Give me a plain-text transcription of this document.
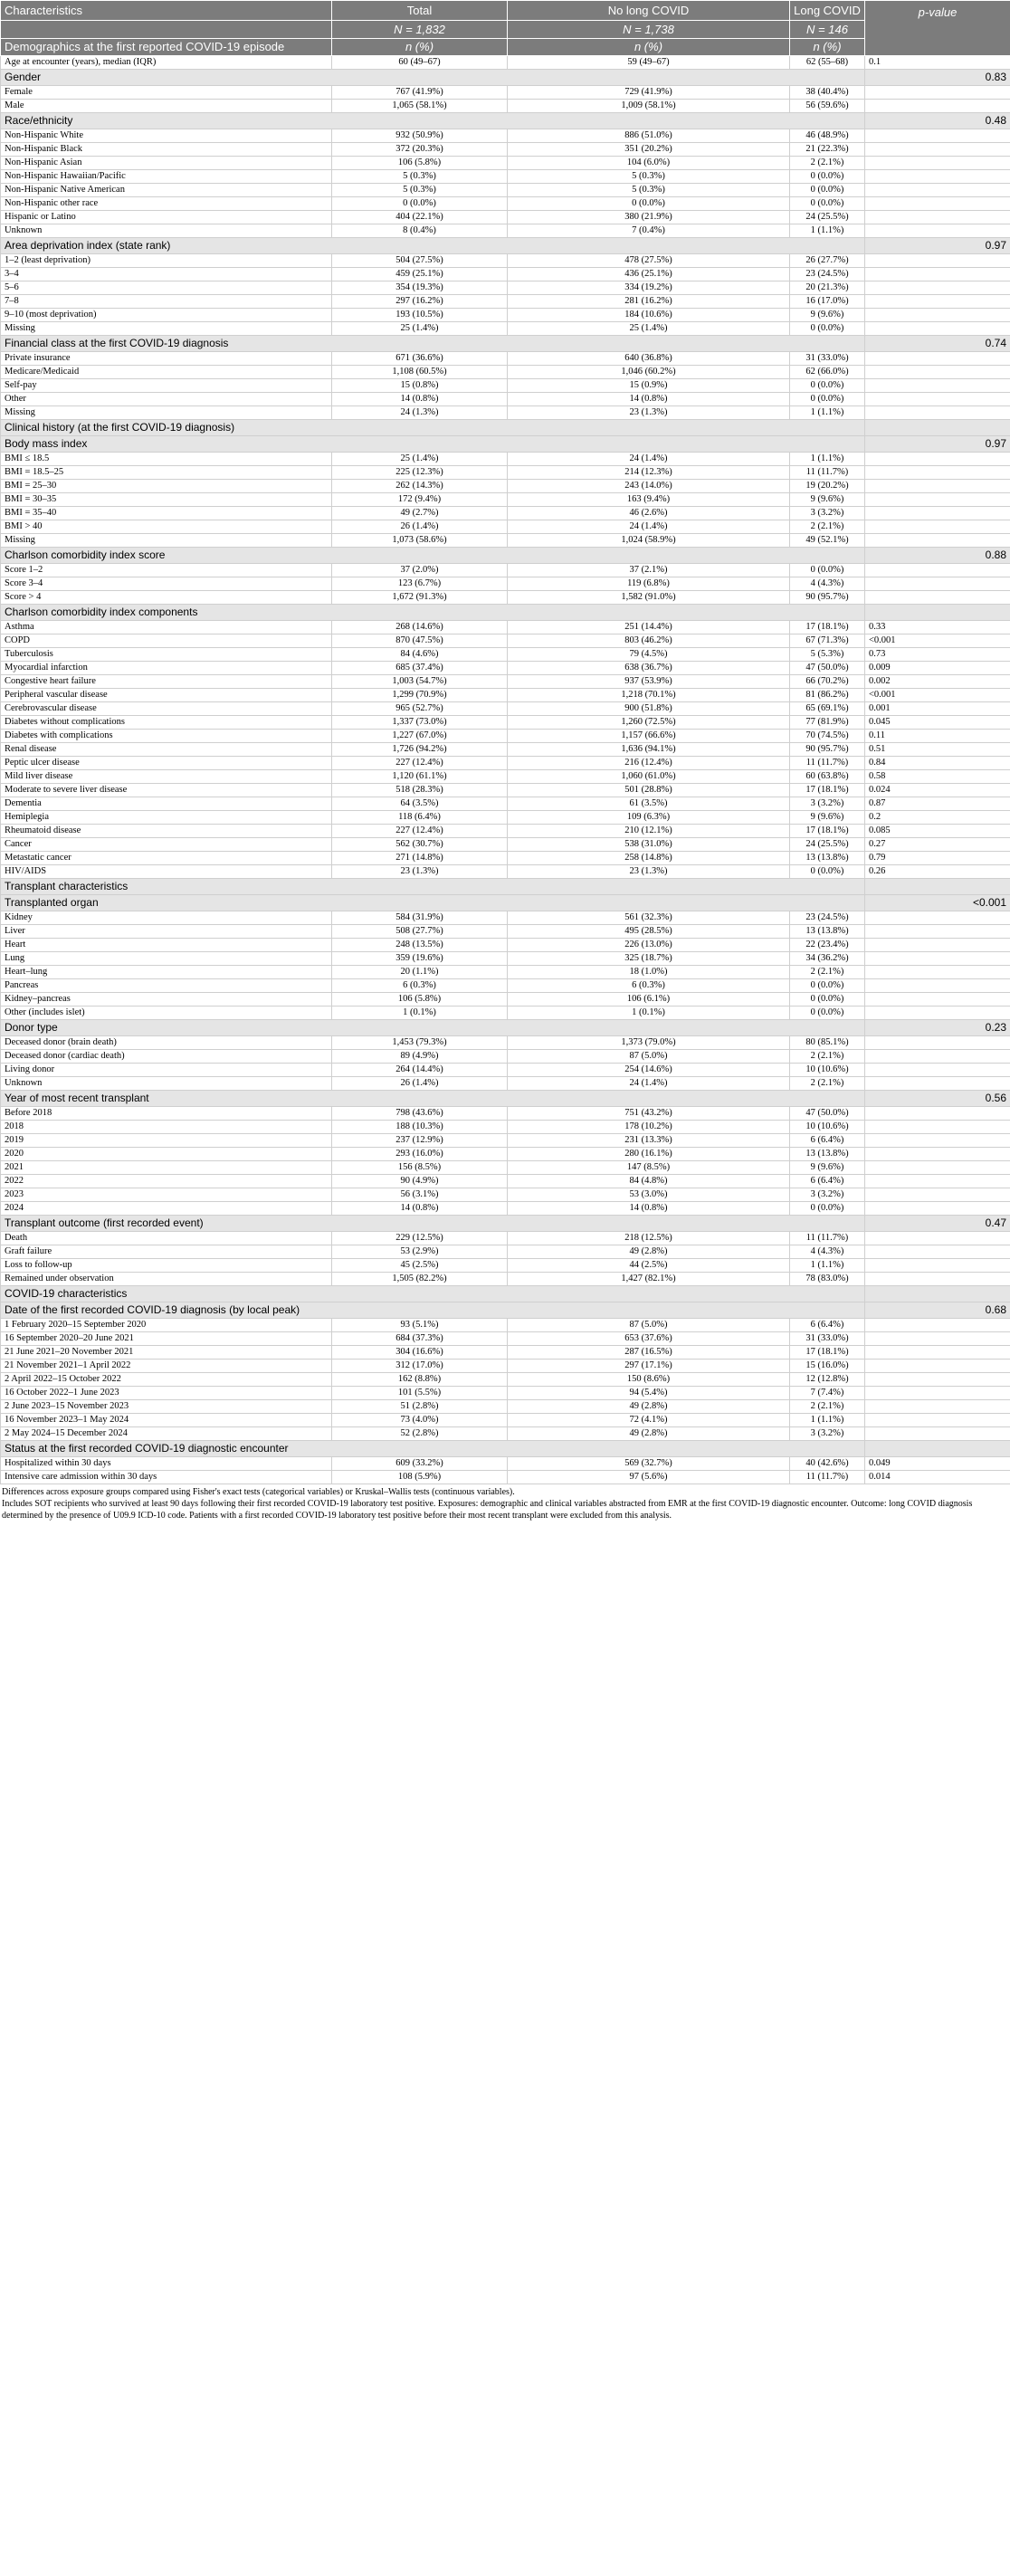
Characteristics	Total	No long COVID	Long COVID	p-value
	N = 1,832	N = 1,738	N = 146	
Demographics at the first reported COVID-19 episode	n (%)	n (%)	n (%)	
Age at encounter (years), median (IQR)	60 (49–67)	59 (49–67)	62 (55–68)	0.1
Gender				0.83
Female	767 (41.9%)	729 (41.9%)	38 (40.4%)	
Male	1,065 (58.1%)	1,009 (58.1%)	56 (59.6%)	
Race/ethnicity				0.48
Non-Hispanic White	932 (50.9%)	886 (51.0%)	46 (48.9%)	
Non-Hispanic Black	372 (20.3%)	351 (20.2%)	21 (22.3%)	
Non-Hispanic Asian	106 (5.8%)	104 (6.0%)	2 (2.1%)	
Non-Hispanic Hawaiian/Pacific	5 (0.3%)	5 (0.3%)	0 (0.0%)	
Non-Hispanic Native American	5 (0.3%)	5 (0.3%)	0 (0.0%)	
Non-Hispanic other race	0 (0.0%)	0 (0.0%)	0 (0.0%)	
Hispanic or Latino	404 (22.1%)	380 (21.9%)	24 (25.5%)	
Unknown	8 (0.4%)	7 (0.4%)	1 (1.1%)	
Area deprivation index (state rank)				0.97
1–2 (least deprivation)	504 (27.5%)	478 (27.5%)	26 (27.7%)	
3–4	459 (25.1%)	436 (25.1%)	23 (24.5%)	
5–6	354 (19.3%)	334 (19.2%)	20 (21.3%)	
7–8	297 (16.2%)	281 (16.2%)	16 (17.0%)	
9–10 (most deprivation)	193 (10.5%)	184 (10.6%)	9 (9.6%)	
Missing	25 (1.4%)	25 (1.4%)	0 (0.0%)	
Financial class at the first COVID-19 diagnosis				0.74
Private insurance	671 (36.6%)	640 (36.8%)	31 (33.0%)	
Medicare/Medicaid	1,108 (60.5%)	1,046 (60.2%)	62 (66.0%)	
Self-pay	15 (0.8%)	15 (0.9%)	0 (0.0%)	
Other	14 (0.8%)	14 (0.8%)	0 (0.0%)	
Missing	24 (1.3%)	23 (1.3%)	1 (1.1%)	
Clinical history (at the first COVID-19 diagnosis)				
Body mass index				0.97
BMI ≤ 18.5	25 (1.4%)	24 (1.4%)	1 (1.1%)	
BMI = 18.5–25	225 (12.3%)	214 (12.3%)	11 (11.7%)	
BMI = 25–30	262 (14.3%)	243 (14.0%)	19 (20.2%)	
BMI = 30–35	172 (9.4%)	163 (9.4%)	9 (9.6%)	
BMI = 35–40	49 (2.7%)	46 (2.6%)	3 (3.2%)	
BMI > 40	26 (1.4%)	24 (1.4%)	2 (2.1%)	
Missing	1,073 (58.6%)	1,024 (58.9%)	49 (52.1%)	
Charlson comorbidity index score				0.88
Score 1–2	37 (2.0%)	37 (2.1%)	0 (0.0%)	
Score 3–4	123 (6.7%)	119 (6.8%)	4 (4.3%)	
Score > 4	1,672 (91.3%)	1,582 (91.0%)	90 (95.7%)	
Charlson comorbidity index components				
Asthma	268 (14.6%)	251 (14.4%)	17 (18.1%)	0.33
COPD	870 (47.5%)	803 (46.2%)	67 (71.3%)	<0.001
Tuberculosis	84 (4.6%)	79 (4.5%)	5 (5.3%)	0.73
Myocardial infarction	685 (37.4%)	638 (36.7%)	47 (50.0%)	0.009
Congestive heart failure	1,003 (54.7%)	937 (53.9%)	66 (70.2%)	0.002
Peripheral vascular disease	1,299 (70.9%)	1,218 (70.1%)	81 (86.2%)	<0.001
Cerebrovascular disease	965 (52.7%)	900 (51.8%)	65 (69.1%)	0.001
Diabetes without complications	1,337 (73.0%)	1,260 (72.5%)	77 (81.9%)	0.045
Diabetes with complications	1,227 (67.0%)	1,157 (66.6%)	70 (74.5%)	0.11
Renal disease	1,726 (94.2%)	1,636 (94.1%)	90 (95.7%)	0.51
Peptic ulcer disease	227 (12.4%)	216 (12.4%)	11 (11.7%)	0.84
Mild liver disease	1,120 (61.1%)	1,060 (61.0%)	60 (63.8%)	0.58
Moderate to severe liver disease	518 (28.3%)	501 (28.8%)	17 (18.1%)	0.024
Dementia	64 (3.5%)	61 (3.5%)	3 (3.2%)	0.87
Hemiplegia	118 (6.4%)	109 (6.3%)	9 (9.6%)	0.2
Rheumatoid disease	227 (12.4%)	210 (12.1%)	17 (18.1%)	0.085
Cancer	562 (30.7%)	538 (31.0%)	24 (25.5%)	0.27
Metastatic cancer	271 (14.8%)	258 (14.8%)	13 (13.8%)	0.79
HIV/AIDS	23 (1.3%)	23 (1.3%)	0 (0.0%)	0.26
Transplant characteristics				
Transplanted organ				<0.001
Kidney	584 (31.9%)	561 (32.3%)	23 (24.5%)	
Liver	508 (27.7%)	495 (28.5%)	13 (13.8%)	
Heart	248 (13.5%)	226 (13.0%)	22 (23.4%)	
Lung	359 (19.6%)	325 (18.7%)	34 (36.2%)	
Heart–lung	20 (1.1%)	18 (1.0%)	2 (2.1%)	
Pancreas	6 (0.3%)	6 (0.3%)	0 (0.0%)	
Kidney–pancreas	106 (5.8%)	106 (6.1%)	0 (0.0%)	
Other (includes islet)	1 (0.1%)	1 (0.1%)	0 (0.0%)	
Donor type				0.23
Deceased donor (brain death)	1,453 (79.3%)	1,373 (79.0%)	80 (85.1%)	
Deceased donor (cardiac death)	89 (4.9%)	87 (5.0%)	2 (2.1%)	
Living donor	264 (14.4%)	254 (14.6%)	10 (10.6%)	
Unknown	26 (1.4%)	24 (1.4%)	2 (2.1%)	
Year of most recent transplant				0.56
Before 2018	798 (43.6%)	751 (43.2%)	47 (50.0%)	
2018	188 (10.3%)	178 (10.2%)	10 (10.6%)	
2019	237 (12.9%)	231 (13.3%)	6 (6.4%)	
2020	293 (16.0%)	280 (16.1%)	13 (13.8%)	
2021	156 (8.5%)	147 (8.5%)	9 (9.6%)	
2022	90 (4.9%)	84 (4.8%)	6 (6.4%)	
2023	56 (3.1%)	53 (3.0%)	3 (3.2%)	
2024	14 (0.8%)	14 (0.8%)	0 (0.0%)	
Transplant outcome (first recorded event)				0.47
Death	229 (12.5%)	218 (12.5%)	11 (11.7%)	
Graft failure	53 (2.9%)	49 (2.8%)	4 (4.3%)	
Loss to follow-up	45 (2.5%)	44 (2.5%)	1 (1.1%)	
Remained under observation	1,505 (82.2%)	1,427 (82.1%)	78 (83.0%)	
COVID-19 characteristics				
Date of the first recorded COVID-19 diagnosis (by local peak)				0.68
1 February 2020–15 September 2020	93 (5.1%)	87 (5.0%)	6 (6.4%)	
16 September 2020–20 June 2021	684 (37.3%)	653 (37.6%)	31 (33.0%)	
21 June 2021–20 November 2021	304 (16.6%)	287 (16.5%)	17 (18.1%)	
21 November 2021–1 April 2022	312 (17.0%)	297 (17.1%)	15 (16.0%)	
2 April 2022–15 October 2022	162 (8.8%)	150 (8.6%)	12 (12.8%)	
16 October 2022–1 June 2023	101 (5.5%)	94 (5.4%)	7 (7.4%)	
2 June 2023–15 November 2023	51 (2.8%)	49 (2.8%)	2 (2.1%)	
16 November 2023–1 May 2024	73 (4.0%)	72 (4.1%)	1 (1.1%)	
2 May 2024–15 December 2024	52 (2.8%)	49 (2.8%)	3 (3.2%)	
Status at the first recorded COVID-19 diagnostic encounter				
Hospitalized within 30 days	609 (33.2%)	569 (32.7%)	40 (42.6%)	0.049
Intensive care admission within 30 days	108 (5.9%)	97 (5.6%)	11 (11.7%)	0.014
Differences across exposure groups compared using Fisher's exact tests (categorical variables) or Kruskal–Wallis tests (continuous variables).
Includes SOT recipients who survived at least 90 days following their first recorded COVID-19 laboratory test positive. Exposures: demographic and clinical variables abstracted from EMR at the first COVID-19 diagnostic encounter. Outcome: long COVID diagnosis determined by the presence of U09.9 ICD-10 code. Patients with a first recorded COVID-19 laboratory test positive before their most recent transplant were excluded from this analysis.
